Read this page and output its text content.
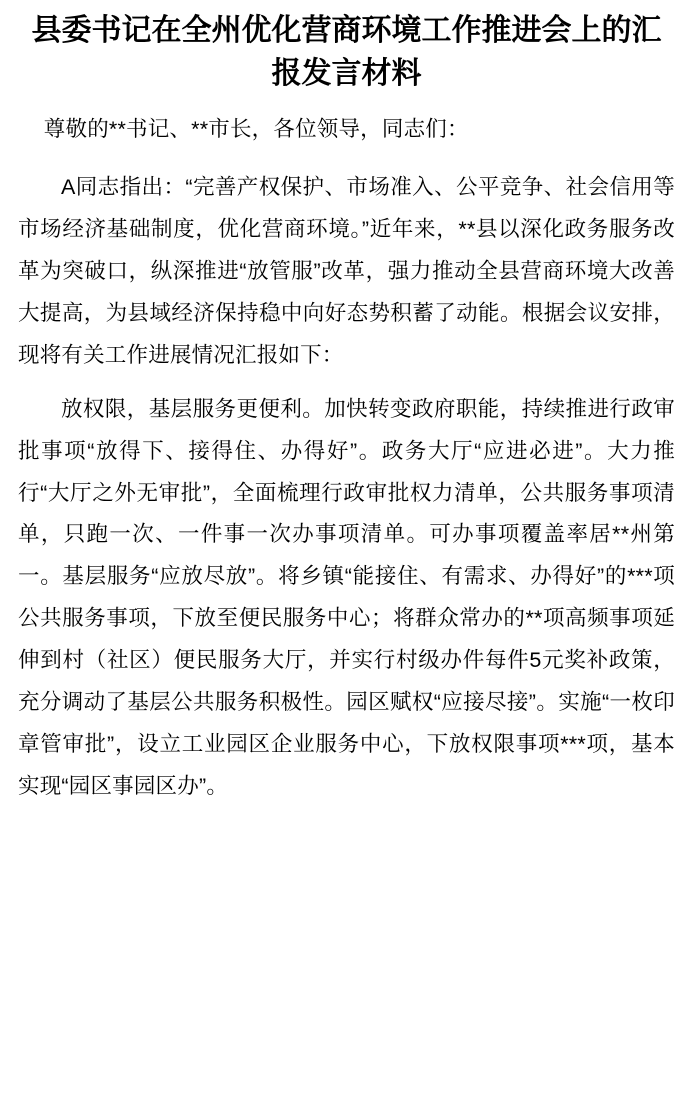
县委书记在全州优化营商环境工作推进会上的汇报发言材料

尊敬的**书记、**市长，各位领导，同志们：

A同志指出：“完善产权保护、市场准入、公平竞争、社会信用等市场经济基础制度，优化营商环境。”近年来，**县以深化政务服务改革为突破口，纵深推进“放管服”改革，强力推动全县营商环境大改善大提高，为县域经济保持稳中向好态势积蓄了动能。根据会议安排，现将有关工作进展情况汇报如下：

放权限，基层服务更便利。加快转变政府职能，持续推进行政审批事项“放得下、接得住、办得好”。政务大厅“应进必进”。大力推行“大厅之外无审批”，全面梳理行政审批权力清单，公共服务事项清单，只跑一次、一件事一次办事项清单。可办事项覆盖率居**州第一。基层服务“应放尽放”。将乡镇“能接住、有需求、办得好”的***项公共服务事项，下放至便民服务中心；将群众常办的**项高频事项延伸到村（社区）便民服务大厅，并实行村级办件每件5元奖补政策，充分调动了基层公共服务积极性。园区赋权“应接尽接”。实施“一枚印章管审批”，设立工业园区企业服务中心，下放权限事项***项，基本实现“园区事园区办”。
